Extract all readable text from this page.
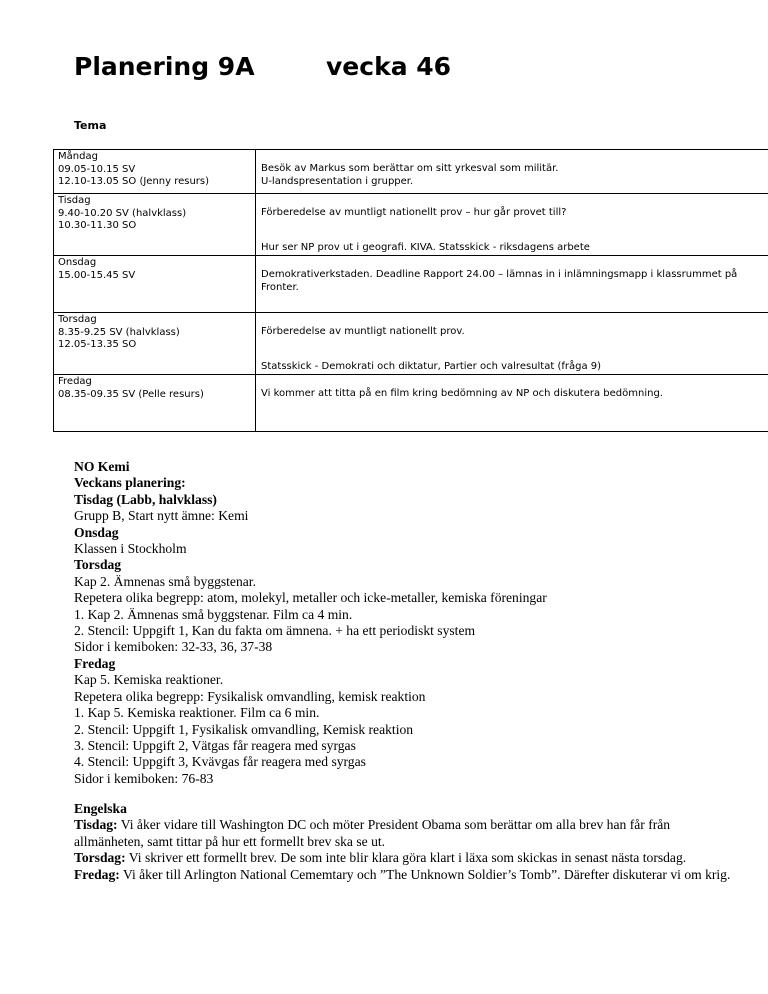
Planering 9A	vecka 46
Tema
Måndag
09.05-10.15 SV
12.10-13.05 SO (Jenny resurs)	Besök av Markus som berättar om sitt yrkesval som militär.
U-landspresentation i grupper.
Tisdag
9.40-10.20 SV (halvklass)
10.30-11.30 SO	Förberedelse av muntligt nationellt prov – hur går provet till?
Hur ser NP prov ut i geografi. KIVA. Statsskick - riksdagens arbete
Onsdag
15.00-15.45 SV	Demokrativerkstaden. Deadline Rapport 24.00 – lämnas in i inlämningsmapp i klassrummet på Fronter.
Torsdag
8.35-9.25 SV (halvklass)
12.05-13.35 SO	Förberedelse av muntligt nationellt prov.
Statsskick - Demokrati och diktatur, Partier och valresultat (fråga 9)
Fredag
08.35-09.35 SV (Pelle resurs)	Vi kommer att titta på en film kring bedömning av NP och diskutera bedömning.

NO Kemi

Veckans planering:

Tisdag (Labb, halvklass)

Grupp B, Start nytt ämne: Kemi

Onsdag

Klassen i Stockholm

Torsdag

Kap 2. Ämnenas små byggstenar.

Repetera olika begrepp: atom, molekyl, metaller och icke-metaller, kemiska föreningar

1. Kap 2. Ämnenas små byggstenar. Film ca 4 min.

2. Stencil: Uppgift 1, Kan du fakta om ämnena. + ha ett periodiskt system

Sidor i kemiboken: 32-33, 36, 37-38

Fredag

Kap 5. Kemiska reaktioner.

Repetera olika begrepp: Fysikalisk omvandling, kemisk reaktion

1. Kap 5. Kemiska reaktioner. Film ca 6 min.

2. Stencil: Uppgift 1, Fysikalisk omvandling, Kemisk reaktion

3. Stencil: Uppgift 2, Vätgas får reagera med syrgas

4. Stencil: Uppgift 3, Kvävgas får reagera med syrgas

Sidor i kemiboken: 76-83

Engelska

Tisdag: Vi åker vidare till Washington DC och möter President Obama som berättar om alla brev han får från allmänheten, samt tittar på hur ett formellt brev ska se ut.

Torsdag: Vi skriver ett formellt brev. De som inte blir klara göra klart i läxa som skickas in senast nästa torsdag.

Fredag: Vi åker till Arlington National Cememtary och ”The Unknown Soldier’s Tomb”. Därefter diskuterar vi om krig.
